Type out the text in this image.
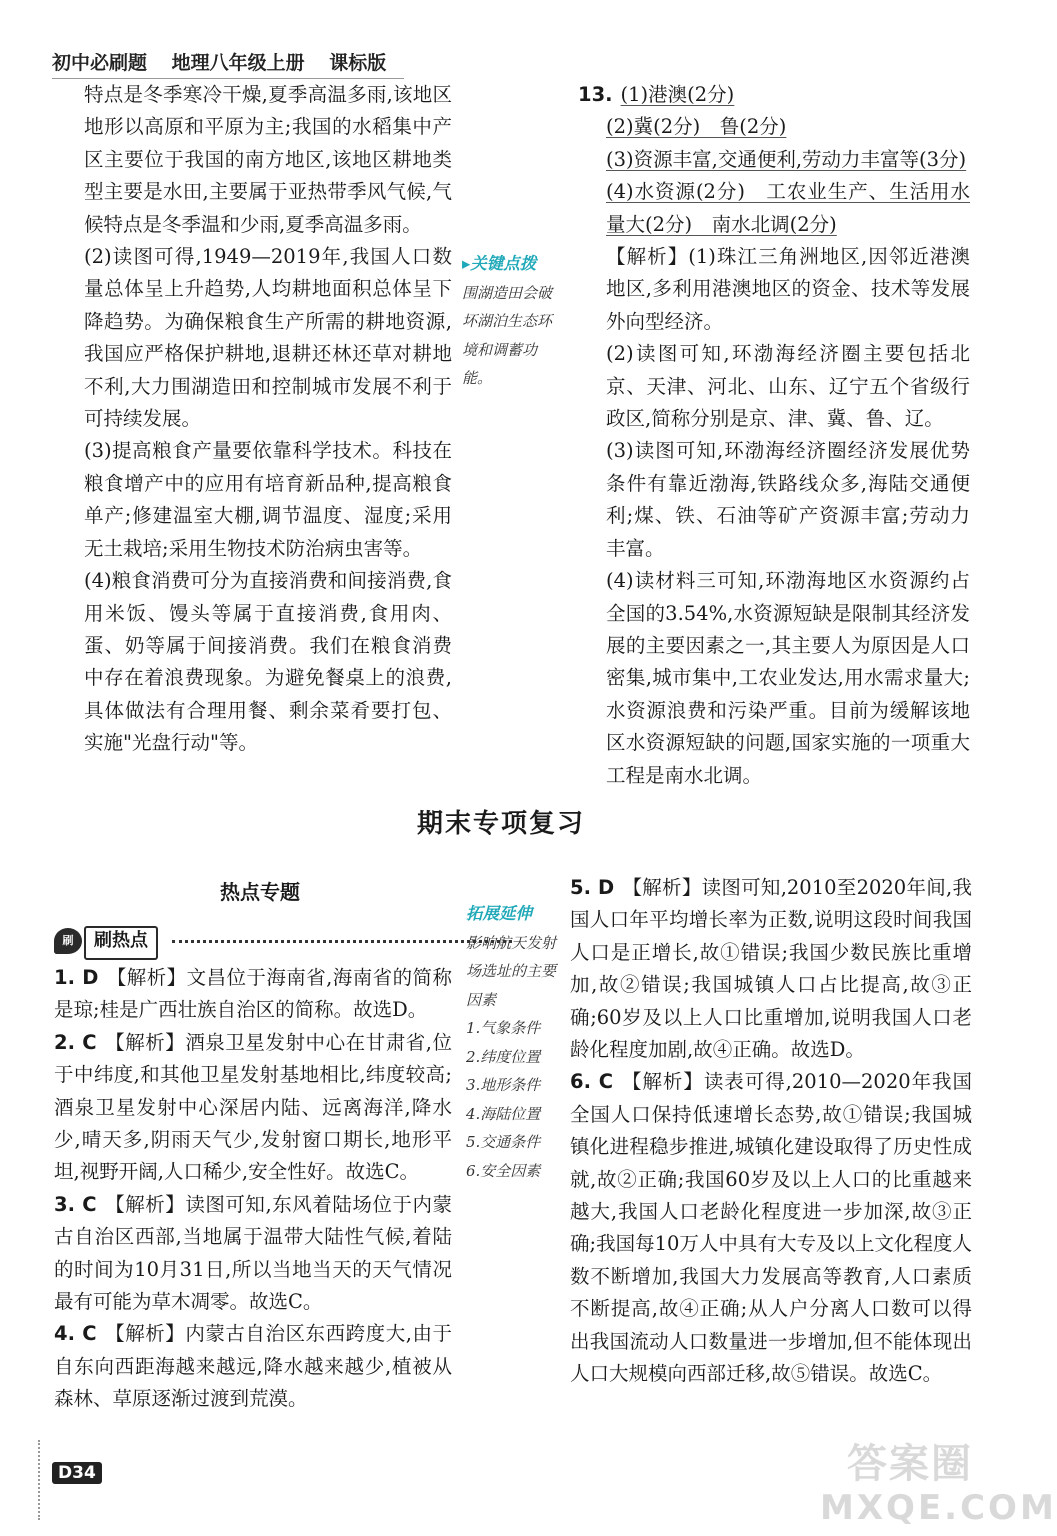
初中必刷题 地理八年级上册 课标版

特点是冬季寒冷干燥,夏季高温多雨,该地区地形以高原和平原为主;我国的水稻集中产区主要位于我国的南方地区,该地区耕地类型主要是水田,主要属于亚热带季风气候,气候特点是冬季温和少雨,夏季高温多雨。

(2)读图可得,1949—2019年,我国人口数量总体呈上升趋势,人均耕地面积总体呈下降趋势。为确保粮食生产所需的耕地资源,我国应严格保护耕地,退耕还林还草对耕地不利,大力围湖造田和控制城市发展不利于可持续发展。

(3)提高粮食产量要依靠科学技术。科技在粮食增产中的应用有培育新品种,提高粮食单产;修建温室大棚,调节温度、湿度;采用无土栽培;采用生物技术防治病虫害等。

(4)粮食消费可分为直接消费和间接消费,食用米饭、馒头等属于直接消费,食用肉、蛋、奶等属于间接消费。我们在粮食消费中存在着浪费现象。为避免餐桌上的浪费,具体做法有合理用餐、剩余菜肴要打包、实施"光盘行动"等。

▸关键点拨
围湖造田会破坏湖泊生态环境和调蓄功能。

13. (1)港澳(2分)

(2)冀(2分)　鲁(2分)

(3)资源丰富,交通便利,劳动力丰富等(3分)

(4)水资源(2分)　工农业生产、生活用水量大(2分)　南水北调(2分)

【解析】(1)珠江三角洲地区,因邻近港澳地区,多利用港澳地区的资金、技术等发展外向型经济。

(2)读图可知,环渤海经济圈主要包括北京、天津、河北、山东、辽宁五个省级行政区,简称分别是京、津、冀、鲁、辽。

(3)读图可知,环渤海经济圈经济发展优势条件有靠近渤海,铁路线众多,海陆交通便利;煤、铁、石油等矿产资源丰富;劳动力丰富。

(4)读材料三可知,环渤海地区水资源约占全国的3.54%,水资源短缺是限制其经济发展的主要因素之一,其主要人为原因是人口密集,城市集中,工农业发达,用水需求量大;水资源浪费和污染严重。目前为缓解该地区水资源短缺的问题,国家实施的一项重大工程是南水北调。

期末专项复习
热点专题
刷	刷热点
拓展延伸
影响航天发射场选址的主要因素
1.气象条件
2.纬度位置
3.地形条件
4.海陆位置
5.交通条件
6.安全因素

1. D 【解析】文昌位于海南省,海南省的简称是琼;桂是广西壮族自治区的简称。故选D。

2. C 【解析】酒泉卫星发射中心在甘肃省,位于中纬度,和其他卫星发射基地相比,纬度较高;酒泉卫星发射中心深居内陆、远离海洋,降水少,晴天多,阴雨天气少,发射窗口期长,地形平坦,视野开阔,人口稀少,安全性好。故选C。

3. C 【解析】读图可知,东风着陆场位于内蒙古自治区西部,当地属于温带大陆性气候,着陆的时间为10月31日,所以当地当天的天气情况最有可能为草木凋零。故选C。

4. C 【解析】内蒙古自治区东西跨度大,由于自东向西距海越来越远,降水越来越少,植被从森林、草原逐渐过渡到荒漠。

5. D 【解析】读图可知,2010至2020年间,我国人口年平均增长率为正数,说明这段时间我国人口是正增长,故①错误;我国少数民族比重增加,故②错误;我国城镇人口占比提高,故③正确;60岁及以上人口比重增加,说明我国人口老龄化程度加剧,故④正确。故选D。

6. C 【解析】读表可得,2010—2020年我国全国人口保持低速增长态势,故①错误;我国城镇化进程稳步推进,城镇化建设取得了历史性成就,故②正确;我国60岁及以上人口的比重越来越大,我国人口老龄化程度进一步加深,故③正确;我国每10万人中具有大专及以上文化程度人数不断增加,我国大力发展高等教育,人口素质不断提高,故④正确;从人户分离人口数可以得出我国流动人口数量进一步增加,但不能体现出人口大规模向西部迁移,故⑤错误。故选C。

D34	答案圈
MXQE.COM
